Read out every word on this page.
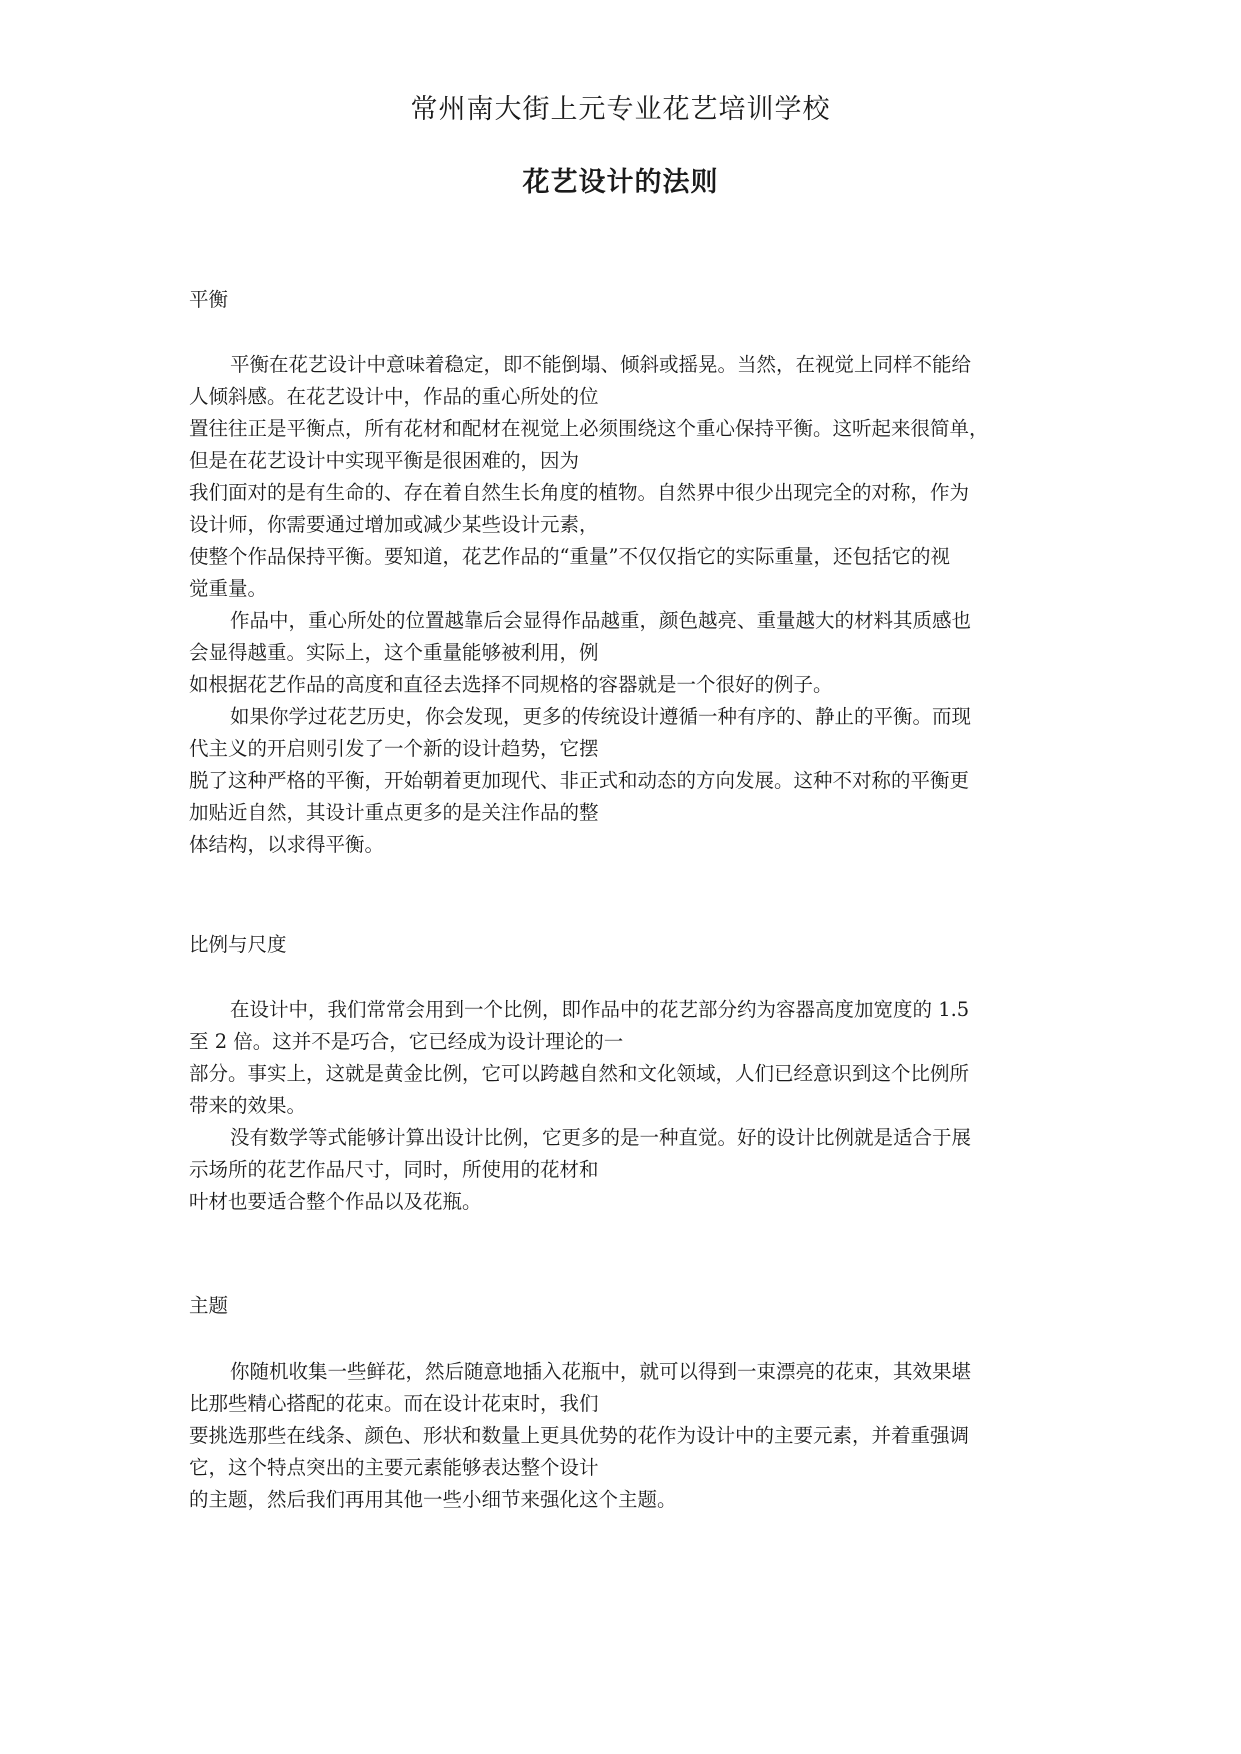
常州南大街上元专业花艺培训学校
花艺设计的法则
平衡
平衡在花艺设计中意味着稳定，即不能倒塌、倾斜或摇晃。当然，在视觉上同样不能给
人倾斜感。在花艺设计中，作品的重心所处的位
置往往正是平衡点，所有花材和配材在视觉上必须围绕这个重心保持平衡。这听起来很简单，
但是在花艺设计中实现平衡是很困难的，因为
我们面对的是有生命的、存在着自然生长角度的植物。自然界中很少出现完全的对称，作为
设计师，你需要通过增加或减少某些设计元素，
使整个作品保持平衡。要知道，花艺作品的“重量”不仅仅指它的实际重量，还包括它的视
觉重量。
作品中，重心所处的位置越靠后会显得作品越重，颜色越亮、重量越大的材料其质感也
会显得越重。实际上，这个重量能够被利用，例
如根据花艺作品的高度和直径去选择不同规格的容器就是一个很好的例子。
如果你学过花艺历史，你会发现，更多的传统设计遵循一种有序的、静止的平衡。而现
代主义的开启则引发了一个新的设计趋势，它摆
脱了这种严格的平衡，开始朝着更加现代、非正式和动态的方向发展。这种不对称的平衡更
加贴近自然，其设计重点更多的是关注作品的整
体结构，以求得平衡。
比例与尺度
在设计中，我们常常会用到一个比例，即作品中的花艺部分约为容器高度加宽度的 1.5
至 2 倍。这并不是巧合，它已经成为设计理论的一
部分。事实上，这就是黄金比例，它可以跨越自然和文化领域，人们已经意识到这个比例所
带来的效果。
没有数学等式能够计算出设计比例，它更多的是一种直觉。好的设计比例就是适合于展
示场所的花艺作品尺寸，同时，所使用的花材和
叶材也要适合整个作品以及花瓶。
主题
你随机收集一些鲜花，然后随意地插入花瓶中，就可以得到一束漂亮的花束，其效果堪
比那些精心搭配的花束。而在设计花束时，我们
要挑选那些在线条、颜色、形状和数量上更具优势的花作为设计中的主要元素，并着重强调
它，这个特点突出的主要元素能够表达整个设计
的主题，然后我们再用其他一些小细节来强化这个主题。
